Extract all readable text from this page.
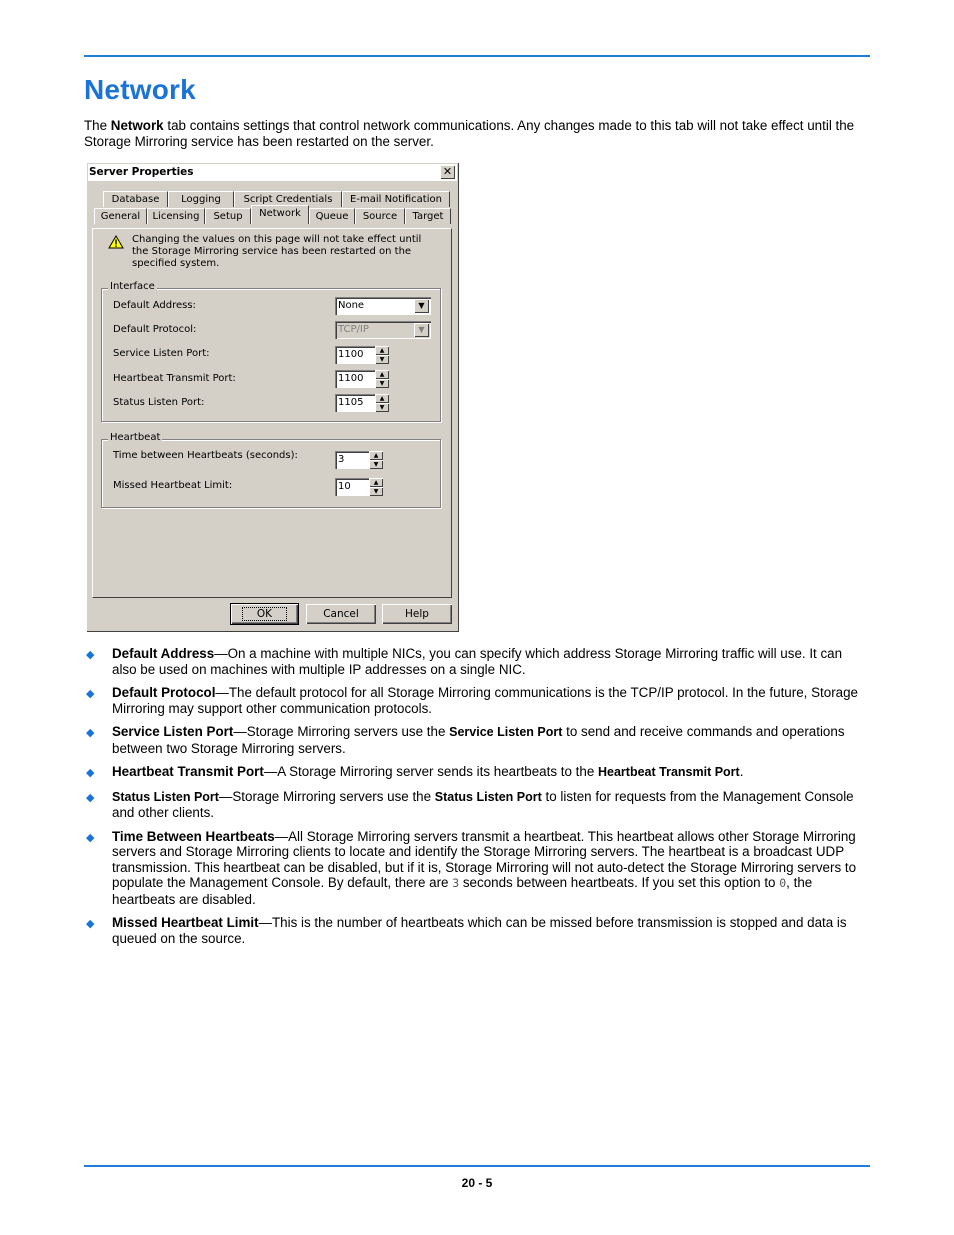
Network
The Network tab contains settings that control network communications. Any changes made to this tab will not take effect until the Storage Mirroring service has been restarted on the server.
Server Properties	✕
Database	Logging	Script Credentials	E-mail Notification
General	Licensing	Setup	Network	Queue	Source	Target
Changing the values on this page will not take effect until the Storage Mirroring service has been restarted on the specified system.
Interface
Default Address:	None	▼
Default Protocol:	TCP/IP	▼
Service Listen Port:	1100	▲
▼
Heartbeat Transmit Port:	1100	▲
▼
Status Listen Port:	1105	▲
▼
Heartbeat
Time between Heartbeats (seconds):	3	▲
▼
Missed Heartbeat Limit:	10	▲
▼
OK	Cancel	Help
◆ Default Address—On a machine with multiple NICs, you can specify which address Storage Mirroring traffic will use. It can also be used on machines with multiple IP addresses on a single NIC.
◆ Default Protocol—The default protocol for all Storage Mirroring communications is the TCP/IP protocol. In the future, Storage Mirroring may support other communication protocols.
◆ Service Listen Port—Storage Mirroring servers use the Service Listen Port to send and receive commands and operations between two Storage Mirroring servers.
◆ Heartbeat Transmit Port—A Storage Mirroring server sends its heartbeats to the Heartbeat Transmit Port.
◆ Status Listen Port—Storage Mirroring servers use the Status Listen Port to listen for requests from the Management Console and other clients.
◆ Time Between Heartbeats—All Storage Mirroring servers transmit a heartbeat. This heartbeat allows other Storage Mirroring servers and Storage Mirroring clients to locate and identify the Storage Mirroring servers. The heartbeat is a broadcast UDP transmission. This heartbeat can be disabled, but if it is, Storage Mirroring will not auto-detect the Storage Mirroring servers to populate the Management Console. By default, there are 3 seconds between heartbeats. If you set this option to 0, the heartbeats are disabled.
◆ Missed Heartbeat Limit—This is the number of heartbeats which can be missed before transmission is stopped and data is queued on the source.
20 - 5
